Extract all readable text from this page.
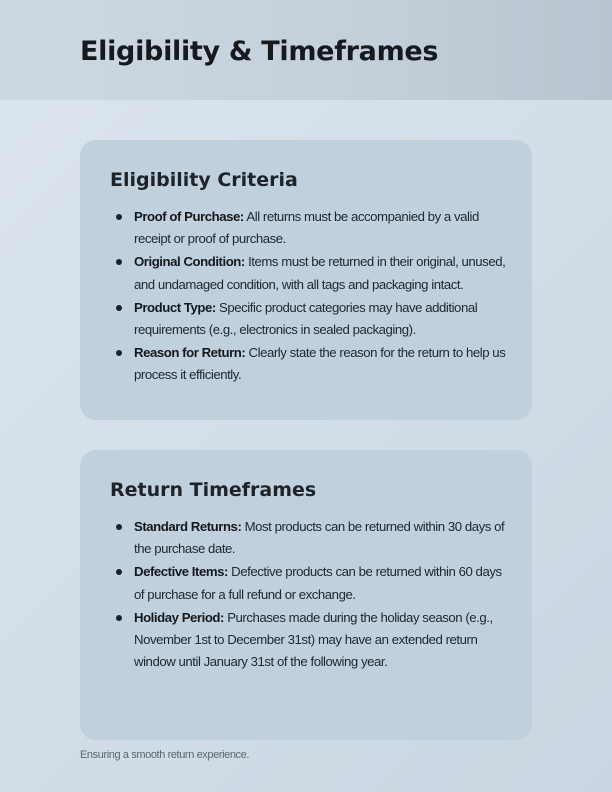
Eligibility & Timeframes
Eligibility Criteria
Proof of Purchase: All returns must be accompanied by a valid receipt or proof of purchase.
Original Condition: Items must be returned in their original, unused, and undamaged condition, with all tags and packaging intact.
Product Type: Specific product categories may have additional requirements (e.g., electronics in sealed packaging).
Reason for Return: Clearly state the reason for the return to help us process it efficiently.
Return Timeframes
Standard Returns: Most products can be returned within 30 days of the purchase date.
Defective Items: Defective products can be returned within 60 days of purchase for a full refund or exchange.
Holiday Period: Purchases made during the holiday season (e.g., November 1st to December 31st) may have an extended return window until January 31st of the following year.

Ensuring a smooth return experience.
